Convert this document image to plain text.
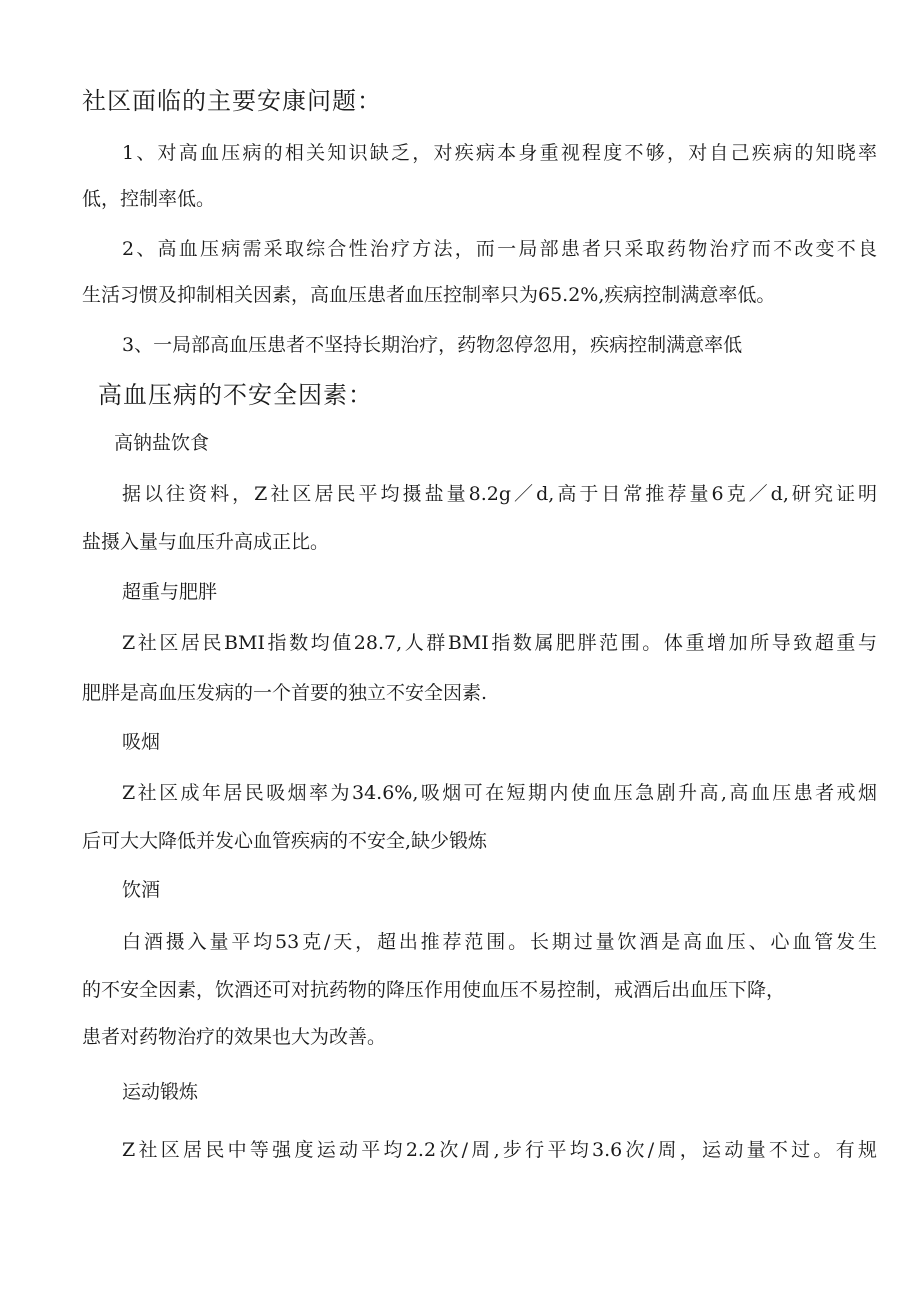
社区面临的主要安康问题：
1、对高血压病的相关知识缺乏，对疾病本身重视程度不够，对自己疾病的知晓率
低，控制率低。
2、高血压病需采取综合性治疗方法，而一局部患者只采取药物治疗而不改变不良
生活习惯及抑制相关因素，高血压患者血压控制率只为65.2%,疾病控制满意率低。
3、一局部高血压患者不坚持长期治疗，药物忽停忽用，疾病控制满意率低
高血压病的不安全因素：
高钠盐饮食
据以往资料，Z社区居民平均摄盐量8.2g／d,高于日常推荐量6克／d,研究证明
盐摄入量与血压升高成正比。
超重与肥胖
Z社区居民BMI指数均值28.7,人群BMI指数属肥胖范围。体重增加所导致超重与
肥胖是高血压发病的一个首要的独立不安全因素.
吸烟
Z社区成年居民吸烟率为34.6%,吸烟可在短期内使血压急剧升高,高血压患者戒烟
后可大大降低并发心血管疾病的不安全,缺少锻炼
饮酒
白酒摄入量平均53克/天，超出推荐范围。长期过量饮酒是高血压、心血管发生
的不安全因素，饮酒还可对抗药物的降压作用使血压不易控制，戒酒后出血压下降，
患者对药物治疗的效果也大为改善。
运动锻炼
Z社区居民中等强度运动平均2.2次/周,步行平均3.6次/周，运动量不过。有规
